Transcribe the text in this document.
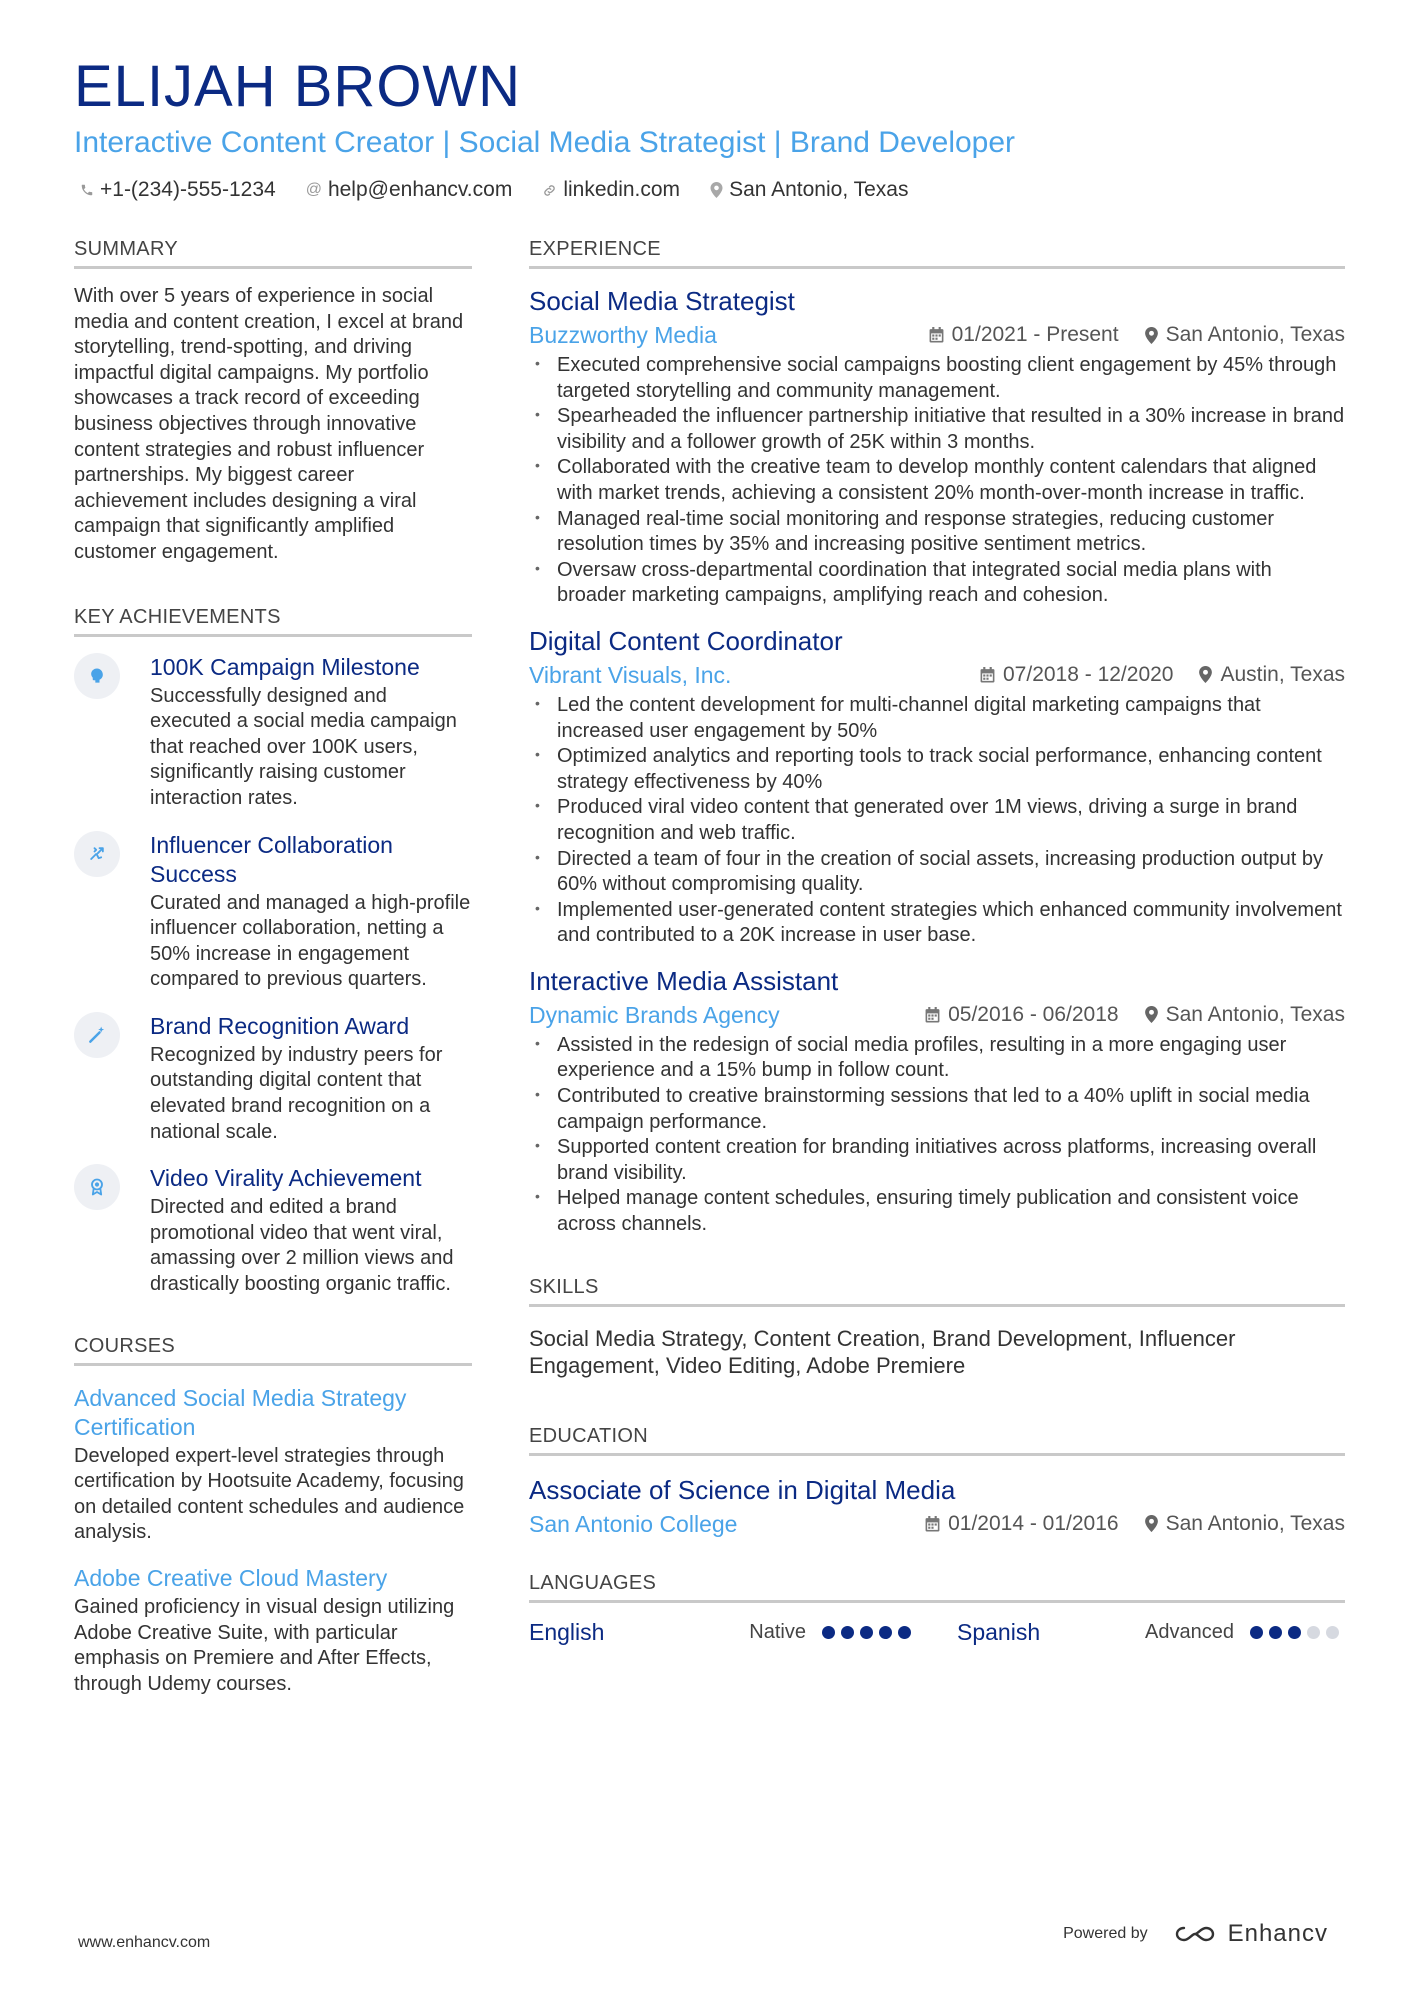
ELIJAH BROWN
Interactive Content Creator | Social Media Strategist | Brand Developer
+1-(234)-555-1234 @ help@enhancv.com linkedin.com San Antonio, Texas
SUMMARY
With over 5 years of experience in social media and content creation, I excel at brand storytelling, trend-spotting, and driving impactful digital campaigns. My portfolio showcases a track record of exceeding business objectives through innovative content strategies and robust influencer partnerships. My biggest career achievement includes designing a viral campaign that significantly amplified customer engagement.
KEY ACHIEVEMENTS
100K Campaign Milestone
Successfully designed and executed a social media campaign that reached over 100K users, significantly raising customer interaction rates.
Influencer Collaboration Success
Curated and managed a high-profile influencer collaboration, netting a 50% increase in engagement compared to previous quarters.
Brand Recognition Award
Recognized by industry peers for outstanding digital content that elevated brand recognition on a national scale.
Video Virality Achievement
Directed and edited a brand promotional video that went viral, amassing over 2 million views and drastically boosting organic traffic.
COURSES
Advanced Social Media Strategy Certification
Developed expert-level strategies through certification by Hootsuite Academy, focusing on detailed content schedules and audience analysis.
Adobe Creative Cloud Mastery
Gained proficiency in visual design utilizing Adobe Creative Suite, with particular emphasis on Premiere and After Effects, through Udemy courses.
EXPERIENCE
Social Media Strategist
Buzzworthy Media	01/2021 - Present San Antonio, Texas
• Executed comprehensive social campaigns boosting client engagement by 45% through targeted storytelling and community management.
• Spearheaded the influencer partnership initiative that resulted in a 30% increase in brand visibility and a follower growth of 25K within 3 months.
• Collaborated with the creative team to develop monthly content calendars that aligned with market trends, achieving a consistent 20% month-over-month increase in traffic.
• Managed real-time social monitoring and response strategies, reducing customer resolution times by 35% and increasing positive sentiment metrics.
• Oversaw cross-departmental coordination that integrated social media plans with broader marketing campaigns, amplifying reach and cohesion.
Digital Content Coordinator
Vibrant Visuals, Inc.	07/2018 - 12/2020 Austin, Texas
• Led the content development for multi-channel digital marketing campaigns that increased user engagement by 50%
• Optimized analytics and reporting tools to track social performance, enhancing content strategy effectiveness by 40%
• Produced viral video content that generated over 1M views, driving a surge in brand recognition and web traffic.
• Directed a team of four in the creation of social assets, increasing production output by 60% without compromising quality.
• Implemented user-generated content strategies which enhanced community involvement and contributed to a 20K increase in user base.
Interactive Media Assistant
Dynamic Brands Agency	05/2016 - 06/2018 San Antonio, Texas
• Assisted in the redesign of social media profiles, resulting in a more engaging user experience and a 15% bump in follow count.
• Contributed to creative brainstorming sessions that led to a 40% uplift in social media campaign performance.
• Supported content creation for branding initiatives across platforms, increasing overall brand visibility.
• Helped manage content schedules, ensuring timely publication and consistent voice across channels.
SKILLS
Social Media Strategy, Content Creation, Brand Development, Influencer Engagement, Video Editing, Adobe Premiere
EDUCATION
Associate of Science in Digital Media
San Antonio College	01/2014 - 01/2016 San Antonio, Texas
LANGUAGES
English	Native	Spanish	Advanced
www.enhancv.com
Powered by	Enhancv
